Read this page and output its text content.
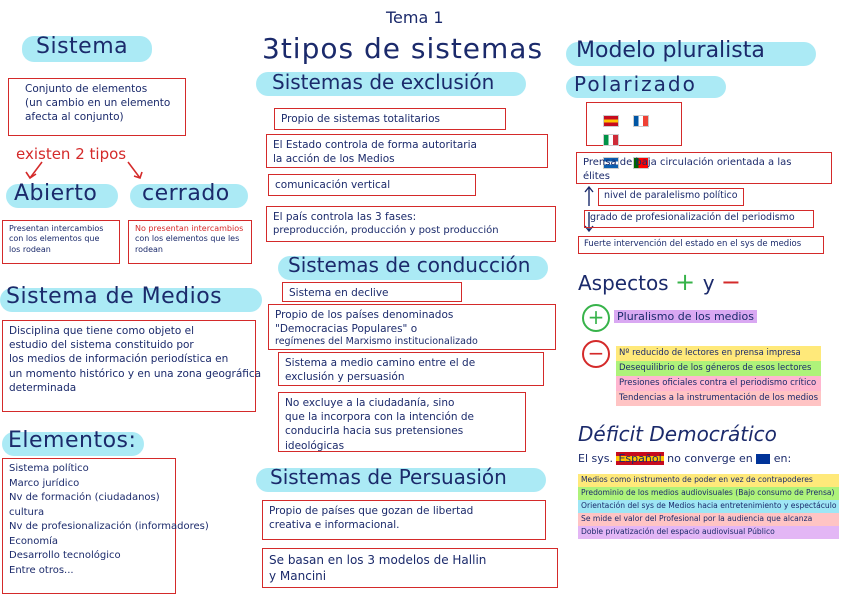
Tema 1
3tipos de sistemas
Sistema
Conjunto de elementos
(un cambio en un elemento
afecta al conjunto)
existen 2 tipos
Abierto cerrado
Presentan intercambios
con los elementos que
los rodean
No presentan intercambios
con los elementos que les
rodean
Sistema de Medios
Disciplina que tiene como objeto el
estudio del sistema constituido por
los medios de información periodística en
un momento histórico y en una zona geográfica
determinada
Elementos:
Sistema político
Marco jurídico
Nv de formación (ciudadanos)
cultura
Nv de profesionalización (informadores)
Economía
Desarrollo tecnológico
Entre otros...
Sistemas de exclusión
Propio de sistemas totalitarios
El Estado controla de forma autoritaria
la acción de los Medios
comunicación vertical
El país controla las 3 fases:
preproducción, producción y post producción
Sistemas de conducción
Sistema en declive
Propio de los países denominados
"Democracias Populares" o
regímenes del Marxismo institucionalizado
Sistema a medio camino entre el de
exclusión y persuasión
No excluye a la ciudadanía, sino
que la incorpora con la intención de
conducirla hacia sus pretensiones
ideológicas
Sistemas de Persuasión
Propio de países que gozan de libertad
creativa e informacional.
Se basan en los 3 modelos de Hallin
y Mancini
Modelo pluralista
Polarizado
Prensa de baja circulación orientada a las
élites
nivel de paralelismo político
grado de profesionalización del periodismo
Fuerte intervención del estado en el sys de medios
Aspectos + y −
+	Pluralismo de los medios
−	Nº reducido de lectores en prensa impresa
Desequilibrio de los géneros de esos lectores
Presiones oficiales contra el periodismo crítico
Tendencias a la instrumentación de los medios
Déficit Democrático
El sys. Español no converge en en:
Medios como instrumento de poder en vez de contrapoderes
Predominio de los medios audiovisuales (Bajo consumo de Prensa)
Orientación del sys de Medios hacia entretenimiento y espectáculo
Se mide el valor del Profesional por la audiencia que alcanza
Doble privatización del espacio audiovisual Público
